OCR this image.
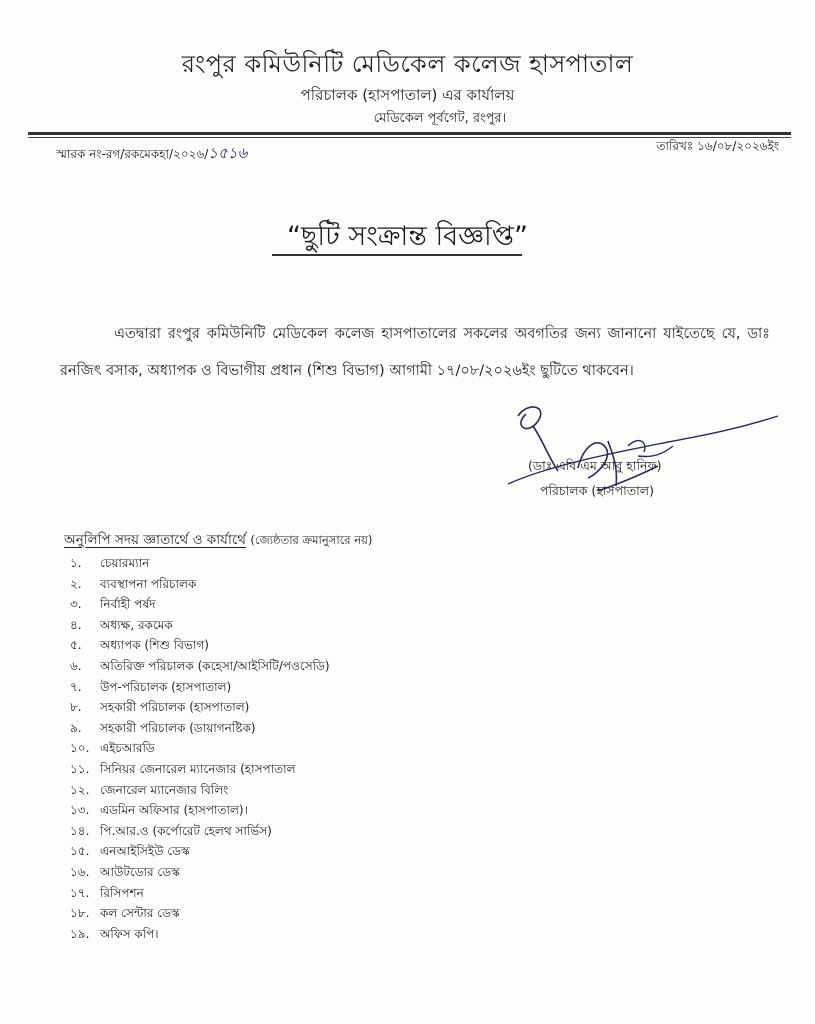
রংপুর কমিউনিটি মেডিকেল কলেজ হাসপাতাল
পরিচালক (হাসপাতাল) এর কার্যালয়
মেডিকেল পূর্বগেট, রংপুর।
স্মারক নং-রগ/রকমেকহা/২০২৬/১৫১৬	তারিখঃ ১৬/০৮/২০২৬ইং
“ছুটি সংক্রান্ত বিজ্ঞপ্তি”
এতদ্বারা রংপুর কমিউনিটি মেডিকেল কলেজ হাসপাতালের সকলের অবগতির জন্য জানানো যাইতেছে যে, ডাঃ রনজিৎ বসাক, অধ্যাপক ও বিভাগীয় প্রধান (শিশু বিভাগ) আগামী ১৭/০৮/২০২৬ইং ছুটিতে থাকবেন।
(ডাঃ এবি এম আবু হানিফ)
পরিচালক (হাসপাতাল)
অনুলিপি সদয় জ্ঞাতার্থে ও কার্যার্থে (জ্যেষ্ঠতার ক্রমানুসারে নয়)
১. চেয়ারম্যান
২. ব্যবস্থাপনা পরিচালক
৩. নির্বাহী পর্ষদ
৪. অধ্যক্ষ, রকমেক
৫. অধ্যাপক (শিশু বিভাগ)
৬. অতিরিক্ত পরিচালক (কহেসা/আইসিটি/পওসেডি)
৭. উপ-পরিচালক (হাসপাতাল)
৮. সহকারী পরিচালক (হাসপাতাল)
৯. সহকারী পরিচালক (ডায়াগনষ্টিক)
১০. এইচআরডি
১১. সিনিয়র জেনারেল ম্যানেজার (হাসপাতাল
১২. জেনারেল ম্যানেজার বিলিং
১৩. এডমিন অফিসার (হাসপাতাল)।
১৪. পি.আর.ও (কর্পোরেট হেলথ সার্ভিস)
১৫. এনআইসিইউ ডেস্ক
১৬. আউটডোর ডেস্ক
১৭. রিসিপশন
১৮. কল সেন্টার ডেস্ক
১৯. অফিস কপি।
